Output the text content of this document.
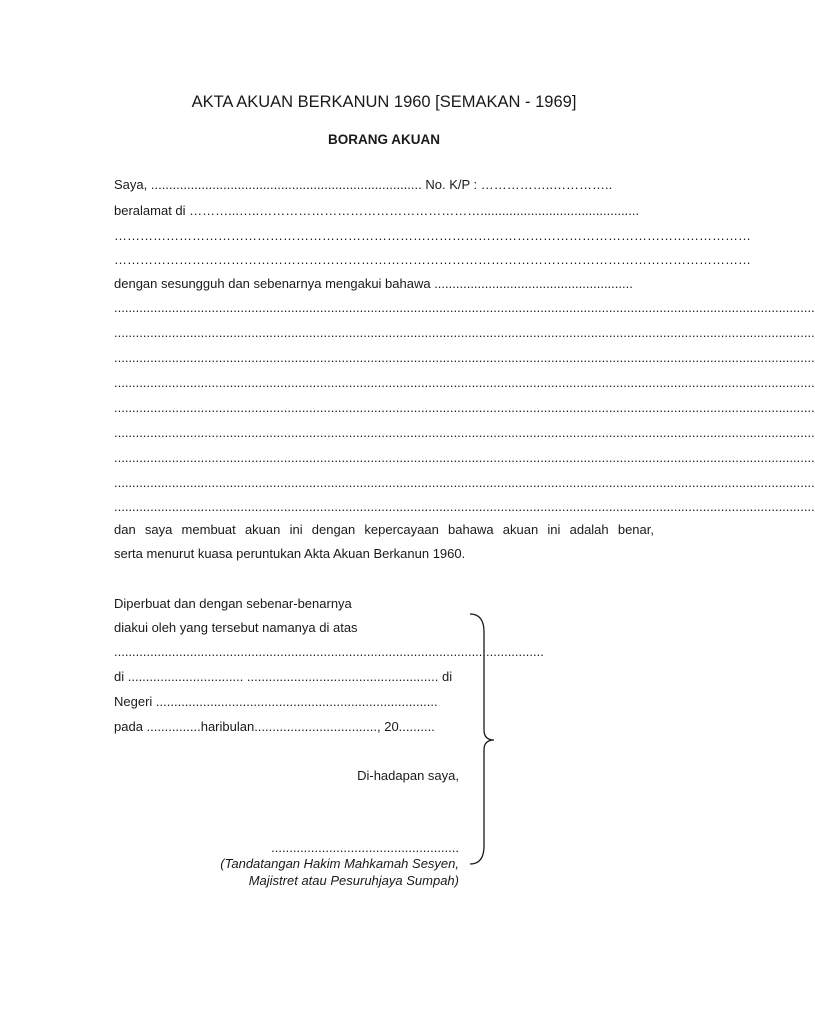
AKTA AKUAN BERKANUN 1960 [SEMAKAN - 1969]
BORANG AKUAN
Saya, ........................................................................... No. K/P : ……………..…………..
beralamat di ………...…..……………………………………………............................................
…………………………………………………………………………………………………………………………………
…………………………………………………………………………………………………………………………………
dengan sesungguh dan sebenarnya mengakui bahawa .......................................................
..................................................................................................................................................................................................
..................................................................................................................................................................................................
..................................................................................................................................................................................................
..................................................................................................................................................................................................
..................................................................................................................................................................................................
..................................................................................................................................................................................................
..................................................................................................................................................................................................
..................................................................................................................................................................................................
..................................................................................................................................................................................................
dan saya membuat akuan ini dengan kepercayaan bahawa akuan ini adalah benar,
serta menurut kuasa peruntukan Akta Akuan Berkanun 1960.
Diperbuat dan dengan sebenar-benarnya
diakui oleh yang tersebut namanya di atas
.......................................................................................................................
di ................................ ..................................................... di
Negeri ..............................................................................
pada ...............haribulan.................................., 20..........
Di-hadapan saya,
....................................................
(Tandatangan Hakim Mahkamah Sesyen,
Majistret atau Pesuruhjaya Sumpah)
